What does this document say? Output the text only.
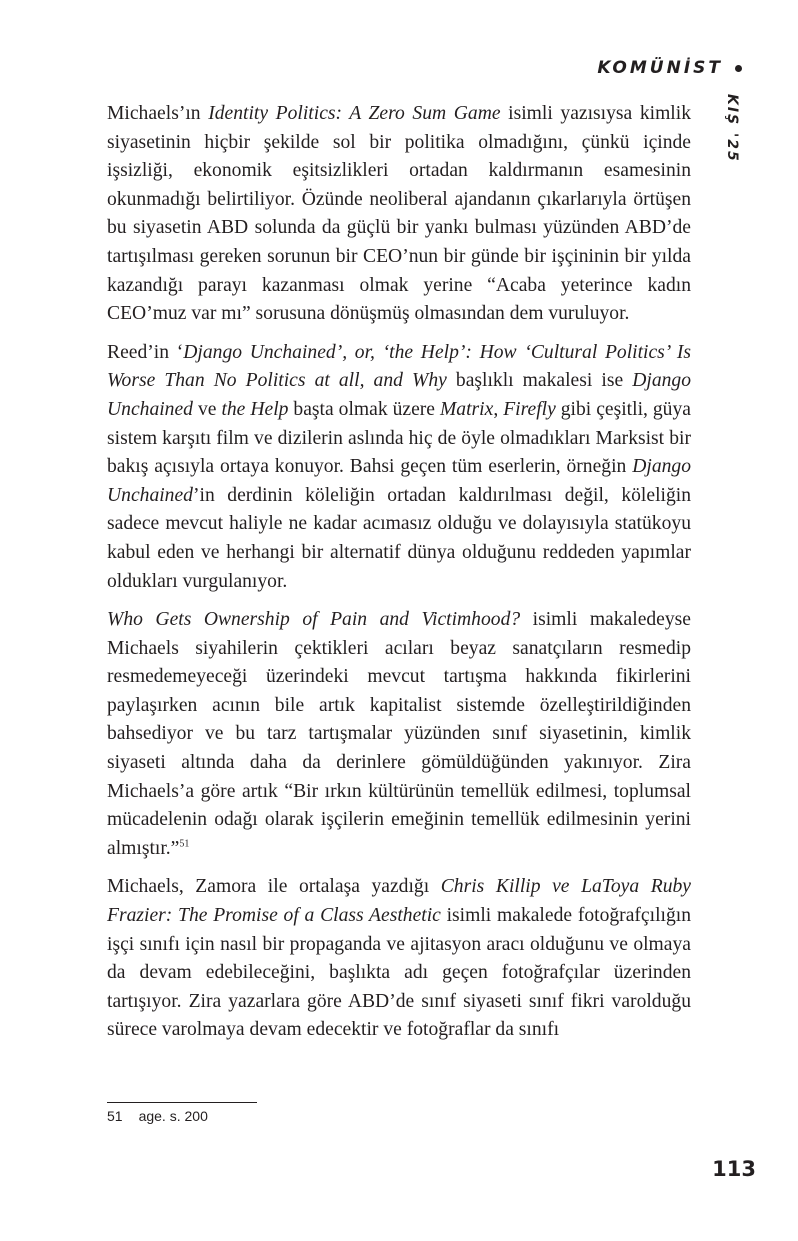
KOMÜNİST
KIŞ '25

Michaels’ın Identity Politics: A Zero Sum Game isimli yazısıysa kimlik siyasetinin hiçbir şekilde sol bir politika olmadığını, çünkü içinde işsizliği, ekonomik eşitsizlikleri ortadan kaldırmanın esamesinin okunmadığı belirtiliyor. Özünde neoliberal ajandanın çıkarlarıyla örtüşen bu siyasetin ABD solunda da güçlü bir yankı bulması yüzünden ABD’de tartışılması gereken sorunun bir CEO’nun bir günde bir işçininin bir yılda kazandığı parayı kazanması olmak yerine “Acaba yeterince kadın CEO’muz var mı” sorusuna dönüşmüş olmasından dem vuruluyor.

Reed’in ‘Django Unchained’, or, ‘the Help’: How ‘Cultural Politics’ Is Worse Than No Politics at all, and Why başlıklı makalesi ise Django Unchained ve the Help başta olmak üzere Matrix, Firefly gibi çeşitli, güya sistem karşıtı film ve dizilerin aslında hiç de öyle olmadıkları Marksist bir bakış açısıyla ortaya konuyor. Bahsi geçen tüm eserlerin, örneğin Django Unchained’in derdinin köleliğin ortadan kaldırılması değil, köleliğin sadece mevcut haliyle ne kadar acımasız olduğu ve dolayısıyla statükoyu kabul eden ve herhangi bir alternatif dünya olduğunu reddeden yapımlar oldukları vurgulanıyor.

Who Gets Ownership of Pain and Victimhood? isimli makaledeyse Michaels siyahilerin çektikleri acıları beyaz sanatçıların resmedip resmedemeyeceği üzerindeki mevcut tartışma hakkında fikirlerini paylaşırken acının bile artık kapitalist sistemde özelleştirildiğinden bahsediyor ve bu tarz tartışmalar yüzünden sınıf siyasetinin, kimlik siyaseti altında daha da derinlere gömüldüğünden yakınıyor. Zira Michaels’a göre artık “Bir ırkın kültürünün temellük edilmesi, toplumsal mücadelenin odağı olarak işçilerin emeğinin temellük edilmesinin yerini almıştır.”$^{51}$

Michaels, Zamora ile ortalaşa yazdığı Chris Killip ve LaToya Ruby Frazier: The Promise of a Class Aesthetic isimli makalede fotoğrafçılığın işçi sınıfı için nasıl bir propaganda ve ajitasyon aracı olduğunu ve olmaya da devam edebileceğini, başlıkta adı geçen fotoğrafçılar üzerinden tartışıyor. Zira yazarlara göre ABD’de sınıf siyaseti sınıf fikri varolduğu sürece varolmaya devam edecektir ve fotoğraflar da sınıfı

51 age. s. 200
113
